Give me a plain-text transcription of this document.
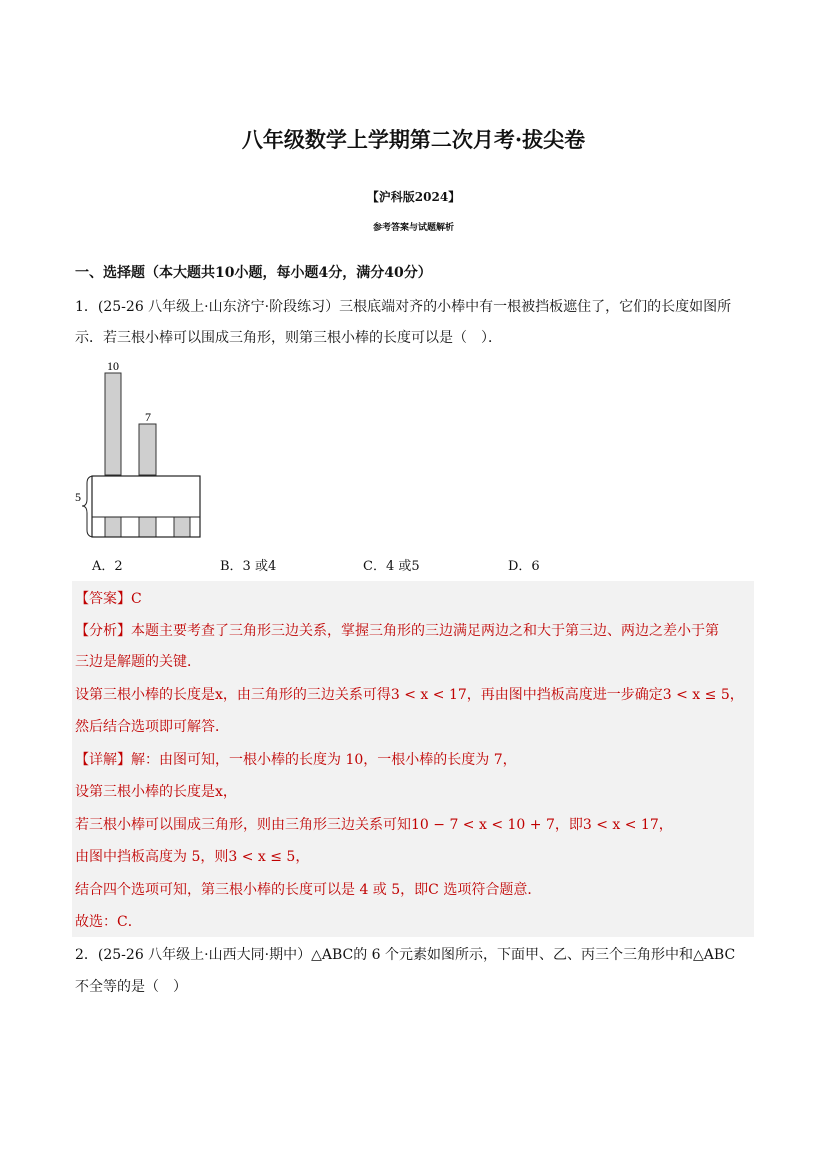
八年级数学上学期第二次月考·拔尖卷
【沪科版2024】
参考答案与试题解析
一、选择题（本大题共10小题，每小题4分，满分40分）
1．(25-26 八年级上·山东济宁·阶段练习）三根底端对齐的小棒中有一根被挡板遮住了，它们的长度如图所
示．若三根小棒可以围成三角形，则第三根小棒的长度可以是（　）．
10
7
5
A．2	B．3 或4	C．4 或5	D．6
【答案】C
【分析】本题主要考查了三角形三边关系，掌握三角形的三边满足两边之和大于第三边、两边之差小于第
三边是解题的关键．
设第三根小棒的长度是x，由三角形的三边关系可得3 < x < 17，再由图中挡板高度进一步确定3 < x ≤ 5，
然后结合选项即可解答．
【详解】解：由图可知，一根小棒的长度为 10，一根小棒的长度为 7，
设第三根小棒的长度是x，
若三根小棒可以围成三角形，则由三角形三边关系可知10 − 7 < x < 10 + 7，即3 < x < 17，
由图中挡板高度为 5，则3 < x ≤ 5，
结合四个选项可知，第三根小棒的长度可以是 4 或 5，即C 选项符合题意．
故选：C．
2．(25-26 八年级上·山西大同·期中）△ABC的 6 个元素如图所示，下面甲、乙、丙三个三角形中和△ABC
不全等的是（　）
